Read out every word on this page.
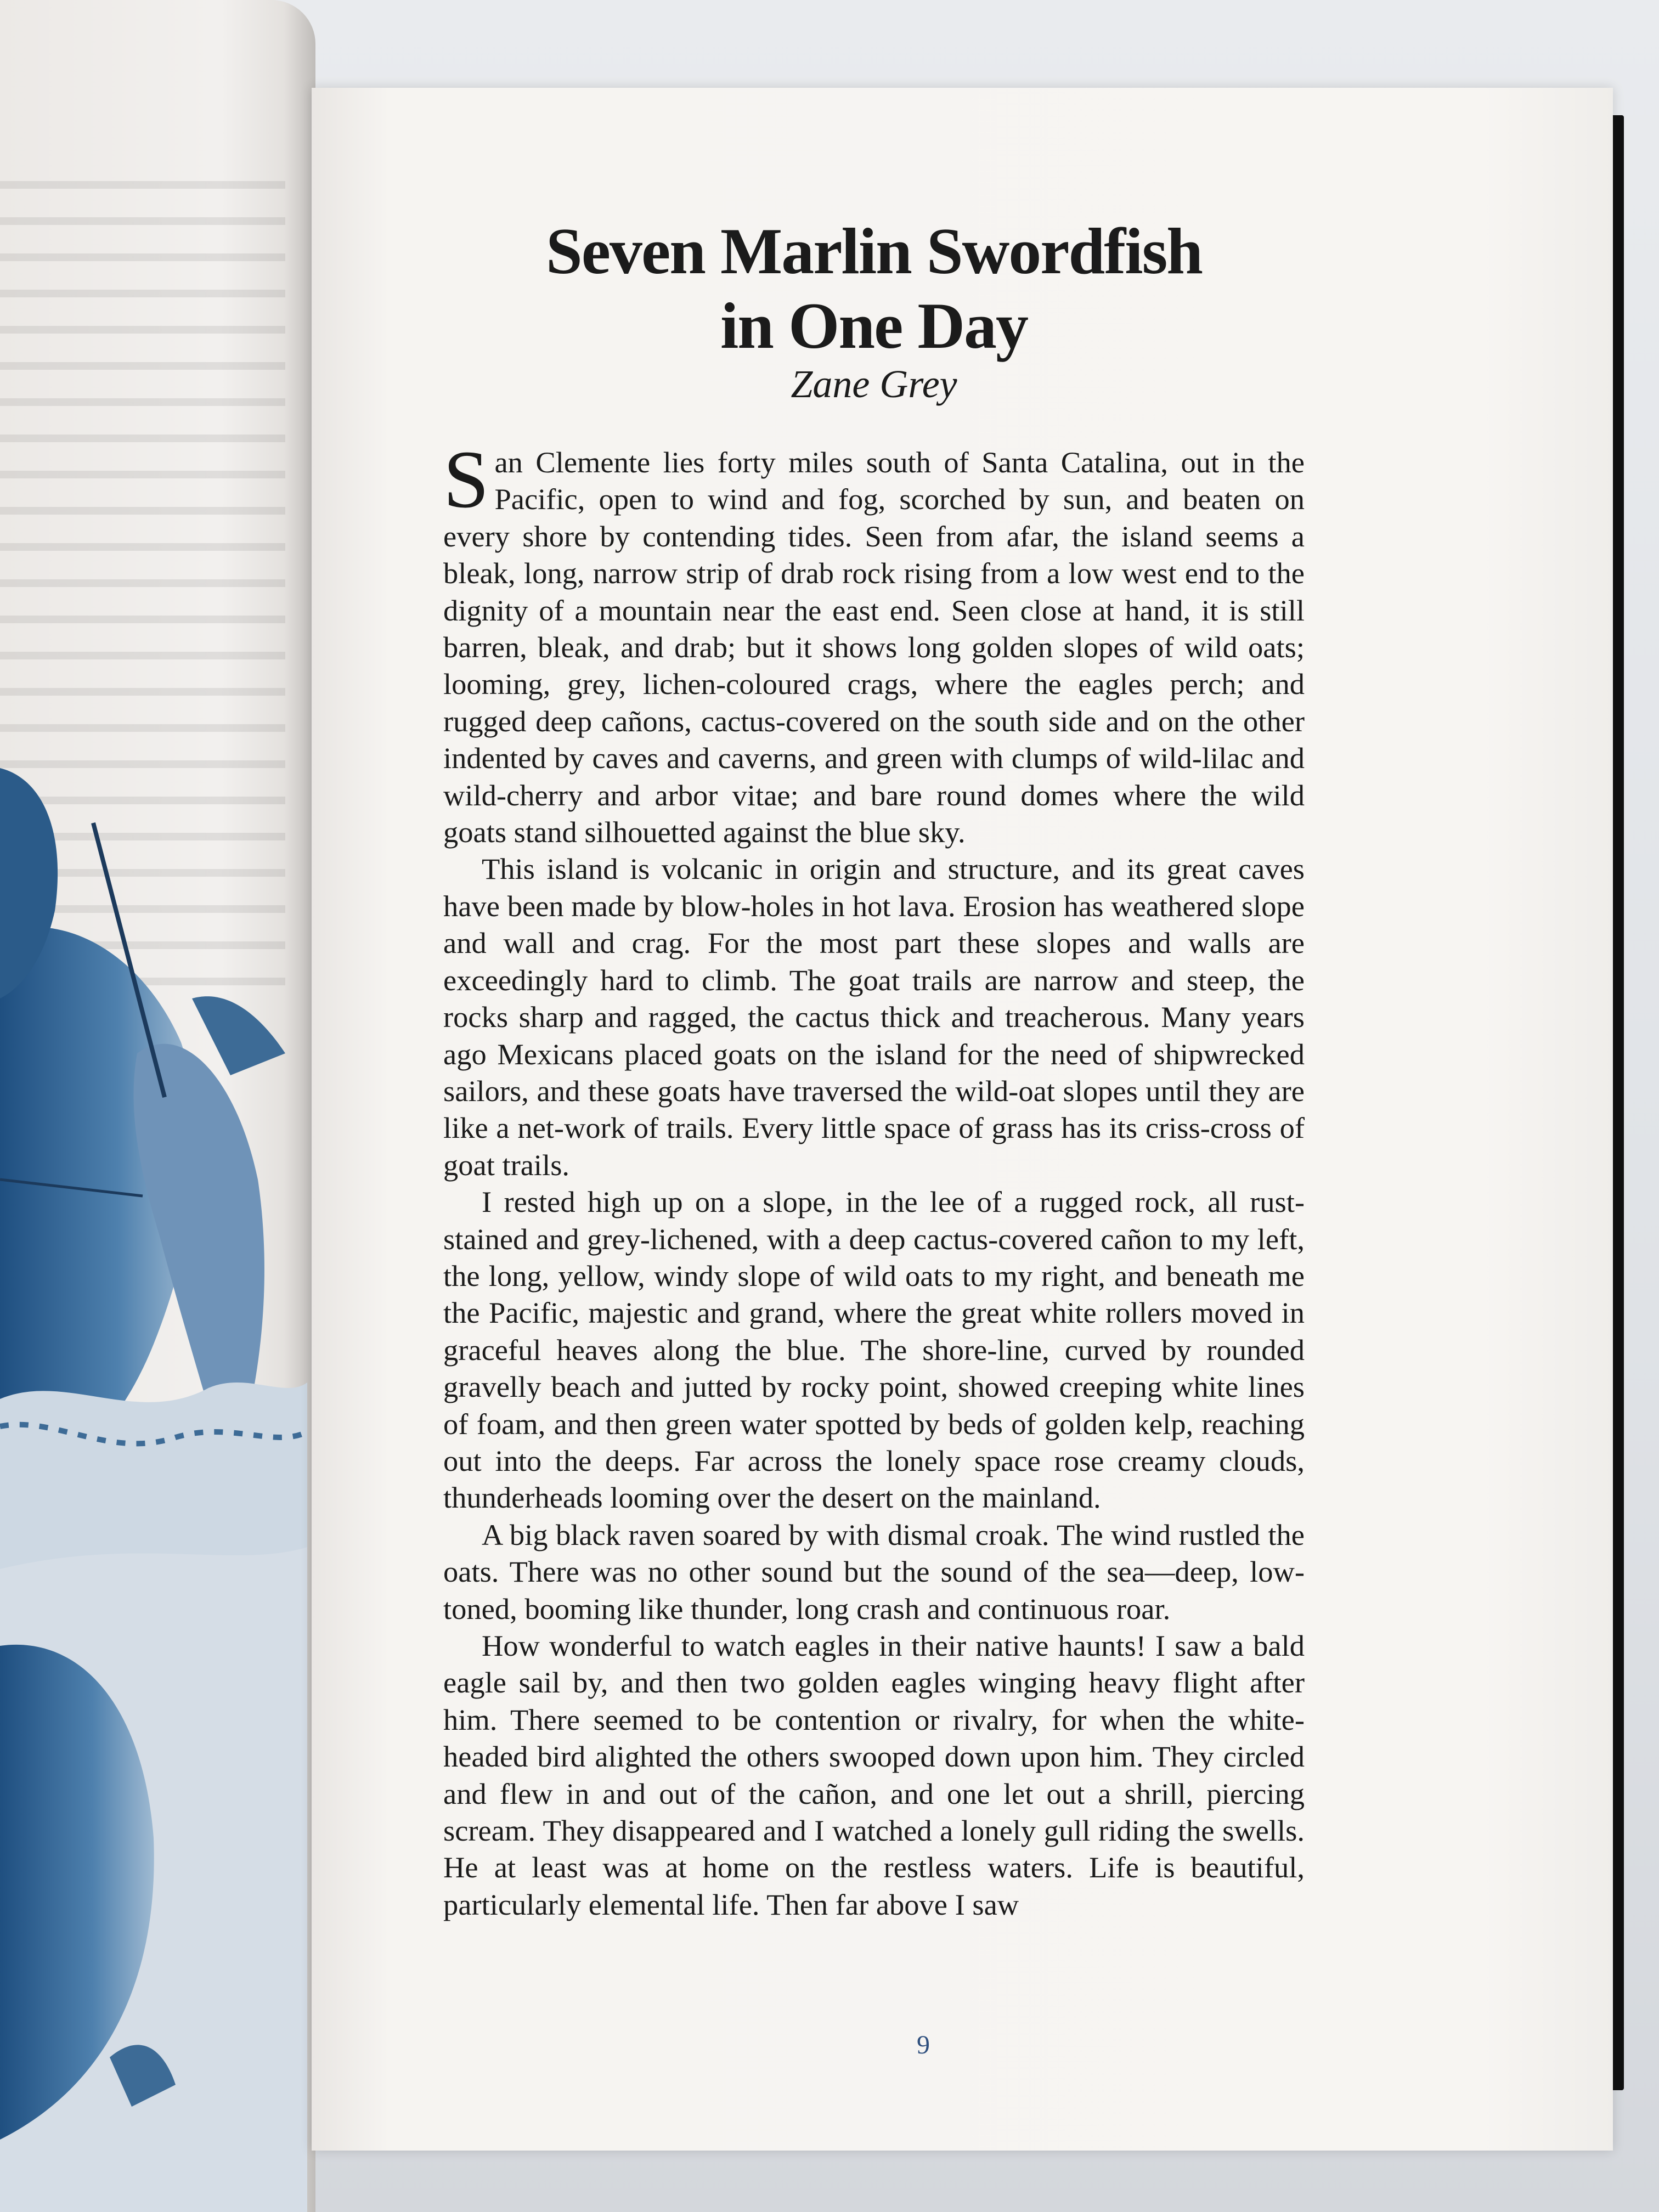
Seven Marlin Swordfish
in One Day
Zane Grey

San Clemente lies forty miles south of Santa Catalina, out in the Pacific, open to wind and fog, scorched by sun, and beaten on every shore by contending tides. Seen from afar, the island seems a bleak, long, narrow strip of drab rock rising from a low west end to the dignity of a mountain near the east end. Seen close at hand, it is still barren, bleak, and drab; but it shows long golden slopes of wild oats; looming, grey, lichen-coloured crags, where the eagles perch; and rugged deep cañons, cactus-covered on the south side and on the other indented by caves and caverns, and green with clumps of wild-lilac and wild-cherry and arbor vitae; and bare round domes where the wild goats stand silhouetted against the blue sky.

This island is volcanic in origin and structure, and its great caves have been made by blow-holes in hot lava. Erosion has weathered slope and wall and crag. For the most part these slopes and walls are exceedingly hard to climb. The goat trails are narrow and steep, the rocks sharp and ragged, the cactus thick and treacherous. Many years ago Mexicans placed goats on the island for the need of shipwrecked sailors, and these goats have traversed the wild-oat slopes until they are like a net-work of trails. Every little space of grass has its criss-cross of goat trails.

I rested high up on a slope, in the lee of a rugged rock, all rust-stained and grey-lichened, with a deep cactus-covered cañon to my left, the long, yellow, windy slope of wild oats to my right, and beneath me the Pacific, majestic and grand, where the great white rollers moved in graceful heaves along the blue. The shore-line, curved by rounded gravelly beach and jutted by rocky point, showed creeping white lines of foam, and then green water spotted by beds of golden kelp, reaching out into the deeps. Far across the lonely space rose creamy clouds, thunderheads looming over the desert on the mainland.

A big black raven soared by with dismal croak. The wind rustled the oats. There was no other sound but the sound of the sea—deep, low-toned, booming like thunder, long crash and continuous roar.

How wonderful to watch eagles in their native haunts! I saw a bald eagle sail by, and then two golden eagles winging heavy flight after him. There seemed to be contention or rivalry, for when the white-headed bird alighted the others swooped down upon him. They circled and flew in and out of the cañon, and one let out a shrill, piercing scream. They disappeared and I watched a lonely gull riding the swells. He at least was at home on the restless waters. Life is beautiful, particularly elemental life. Then far above I saw

9
